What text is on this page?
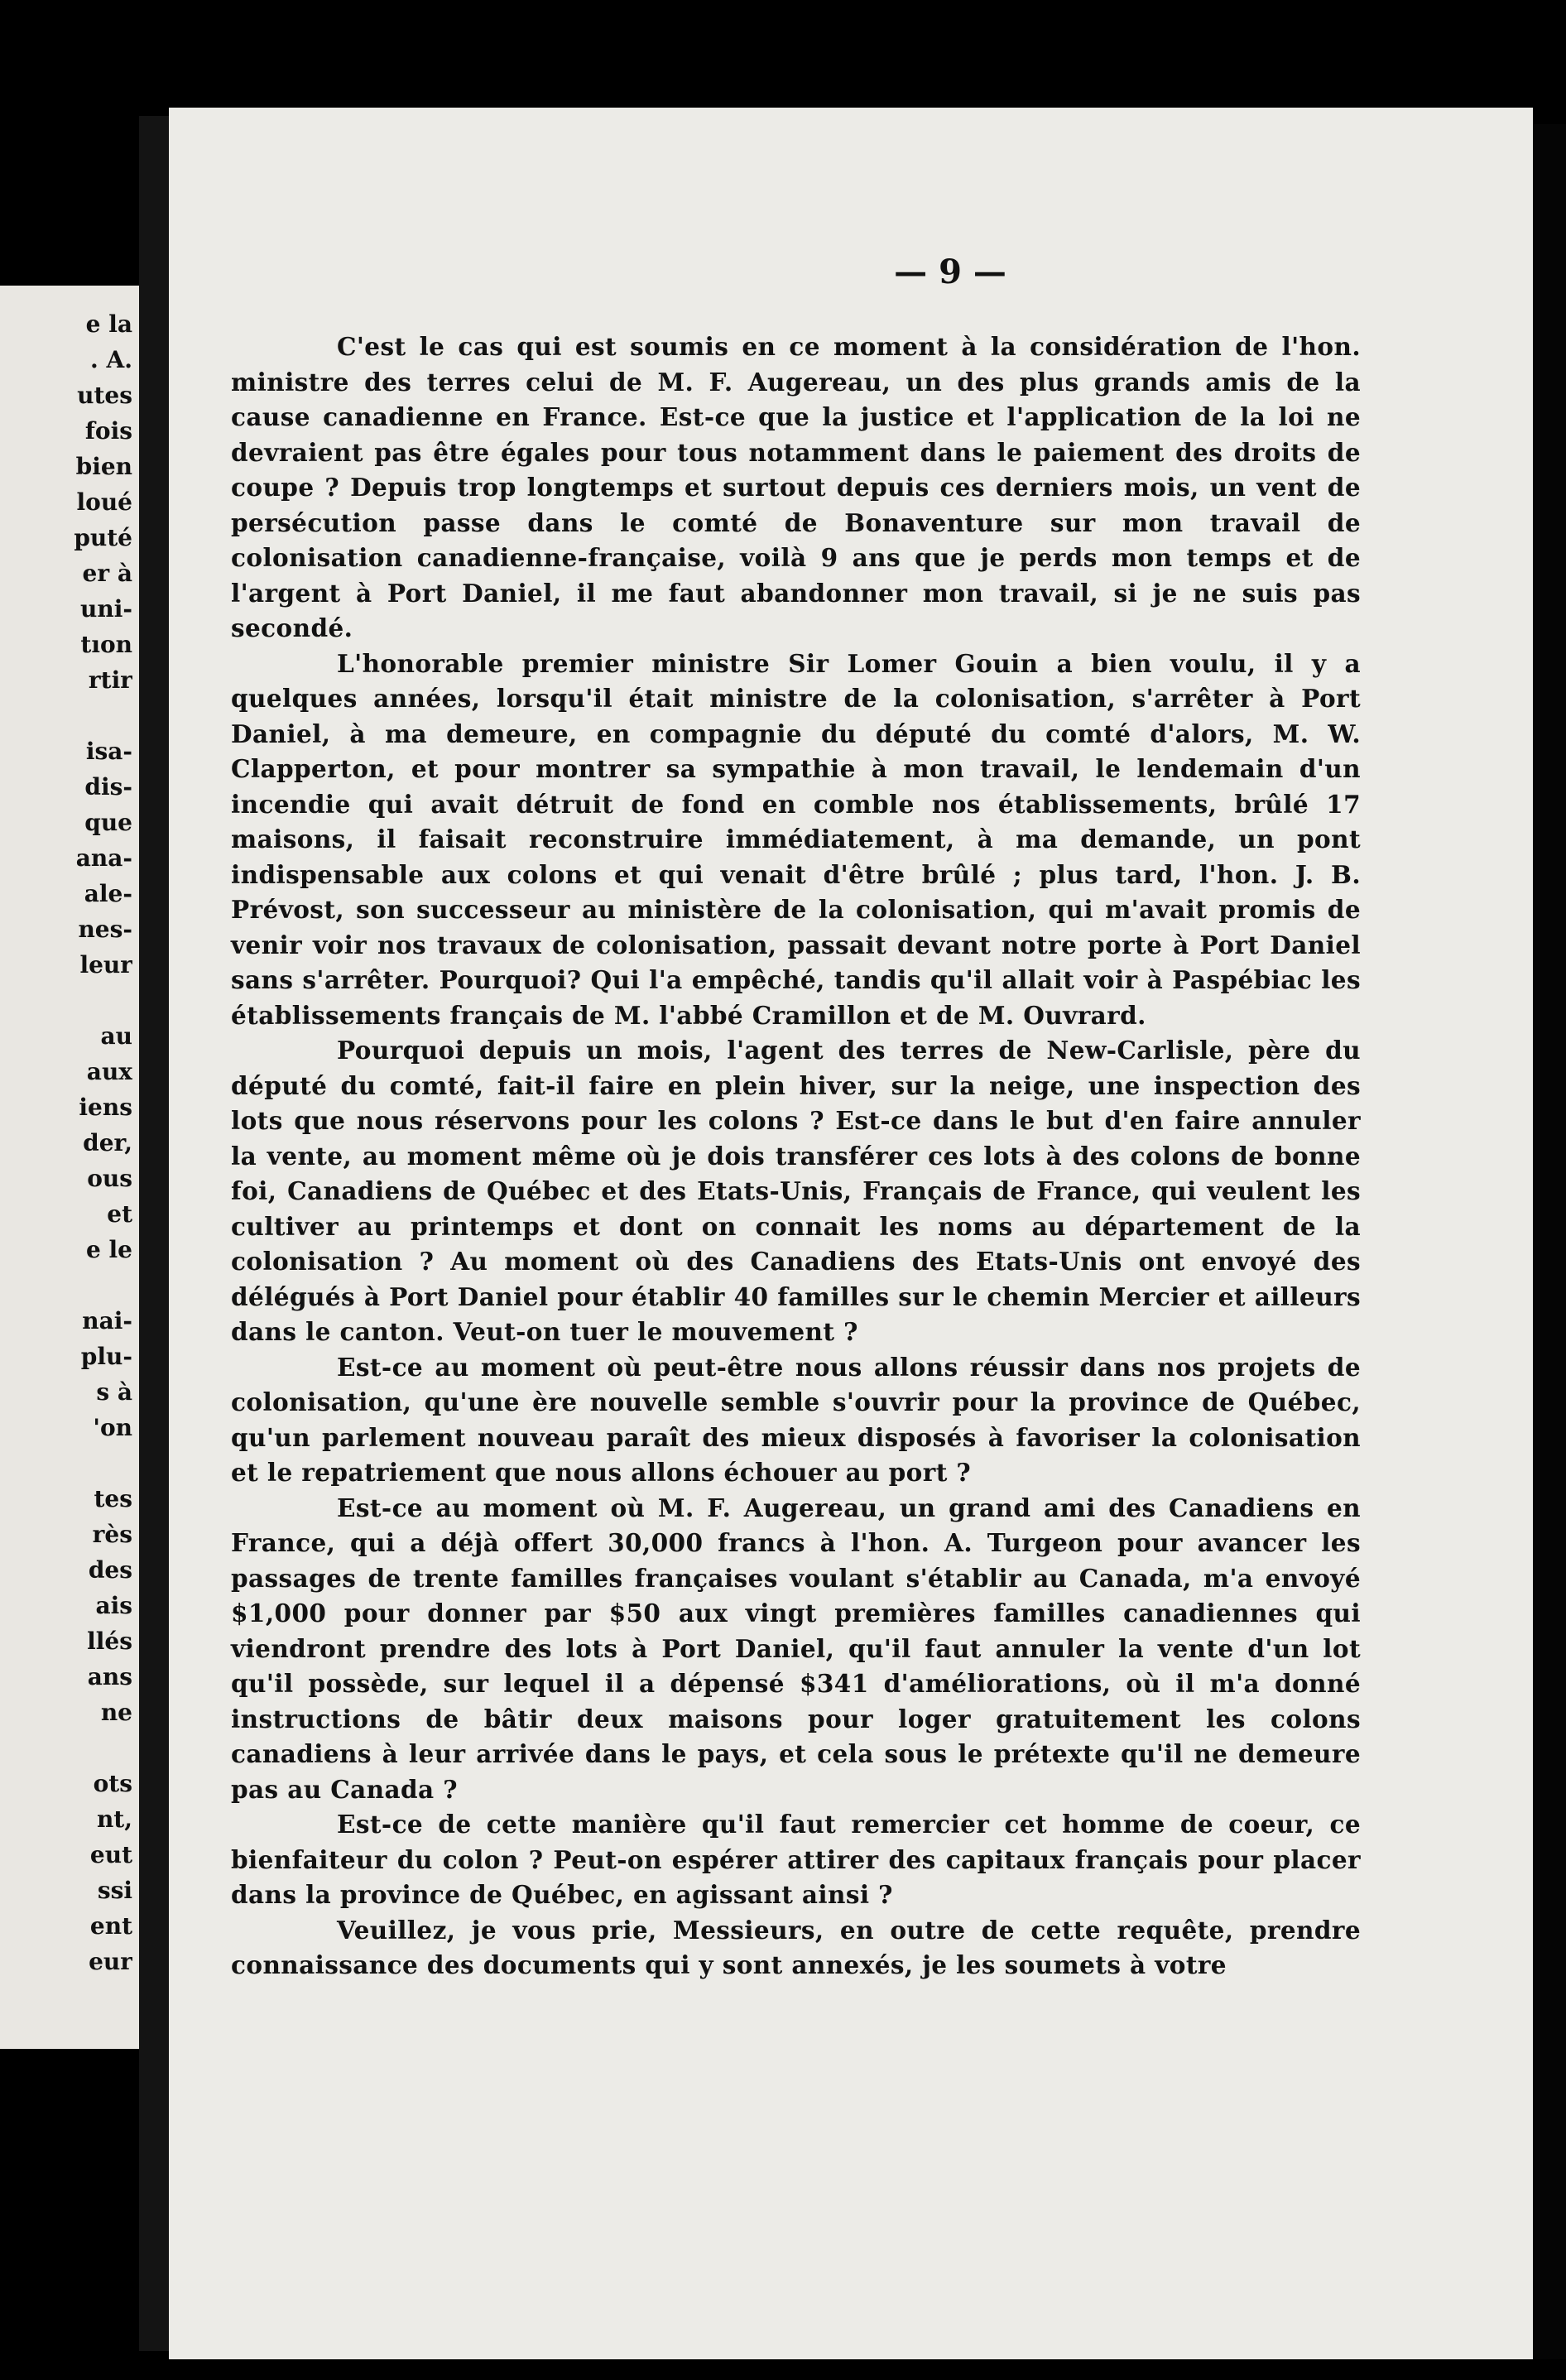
e la
. A.
utes
fois
bien
loué
puté
er à
uni-
tıon
rtir
isa-
dis-
que
ana-
ale-
nes-
leur
au
aux
iens
der,
ous
et
e le
nai-
plu-
s à
'on
tes
rès
des
ais
llés
ans
ne
ots
nt,
eut
ssi
ent
eur
— 9 —

C'est le cas qui est soumis en ce moment à la considération de l'hon. ministre des terres celui de M. F. Augereau, un des plus grands amis de la cause canadienne en France. Est-ce que la justice et l'application de la loi ne devraient pas être égales pour tous notamment dans le paiement des droits de coupe ? Depuis trop longtemps et surtout depuis ces derniers mois, un vent de persécution passe dans le comté de Bonaventure sur mon travail de colonisation canadienne-française, voilà 9 ans que je perds mon temps et de l'argent à Port Daniel, il me faut abandonner mon travail, si je ne suis pas secondé.

L'honorable premier ministre Sir Lomer Gouin a bien voulu, il y a quelques années, lorsqu'il était ministre de la colonisation, s'arrêter à Port Daniel, à ma demeure, en compagnie du député du comté d'alors, M. W. Clapperton, et pour montrer sa sympathie à mon travail, le lendemain d'un incendie qui avait détruit de fond en comble nos établissements, brûlé 17 maisons, il faisait reconstruire immédiatement, à ma demande, un pont indispensable aux colons et qui venait d'être brûlé ; plus tard, l'hon. J. B. Prévost, son successeur au ministère de la colonisation, qui m'avait promis de venir voir nos travaux de colonisation, passait devant notre porte à Port Daniel sans s'arrêter. Pourquoi? Qui l'a empêché, tandis qu'il allait voir à Paspébiac les établissements français de M. l'abbé Cramillon et de M. Ouvrard.

Pourquoi depuis un mois, l'agent des terres de New-Carlisle, père du député du comté, fait-il faire en plein hiver, sur la neige, une inspection des lots que nous réservons pour les colons ? Est-ce dans le but d'en faire annuler la vente, au moment même où je dois transférer ces lots à des colons de bonne foi, Canadiens de Québec et des Etats-Unis, Français de France, qui veulent les cultiver au printemps et dont on connait les noms au département de la colonisation ? Au moment où des Canadiens des Etats-Unis ont envoyé des délégués à Port Daniel pour établir 40 familles sur le chemin Mercier et ailleurs dans le canton. Veut-on tuer le mouvement ?

Est-ce au moment où peut-être nous allons réussir dans nos projets de colonisation, qu'une ère nouvelle semble s'ouvrir pour la province de Québec, qu'un parlement nouveau paraît des mieux disposés à favoriser la colonisation et le repatriement que nous allons échouer au port ?

Est-ce au moment où M. F. Augereau, un grand ami des Canadiens en France, qui a déjà offert 30,000 francs à l'hon. A. Turgeon pour avancer les passages de trente familles françaises voulant s'établir au Canada, m'a envoyé $1,000 pour donner par $50 aux vingt premières familles canadiennes qui viendront prendre des lots à Port Daniel, qu'il faut annuler la vente d'un lot qu'il possède, sur lequel il a dépensé $341 d'améliorations, où il m'a donné instructions de bâtir deux maisons pour loger gratuitement les colons canadiens à leur arrivée dans le pays, et cela sous le prétexte qu'il ne demeure pas au Canada ?

Est-ce de cette manière qu'il faut remercier cet homme de coeur, ce bienfaiteur du colon ? Peut-on espérer attirer des capitaux français pour placer dans la province de Québec, en agissant ainsi ?

Veuillez, je vous prie, Messieurs, en outre de cette requête, prendre connaissance des documents qui y sont annexés, je les soumets à votre
